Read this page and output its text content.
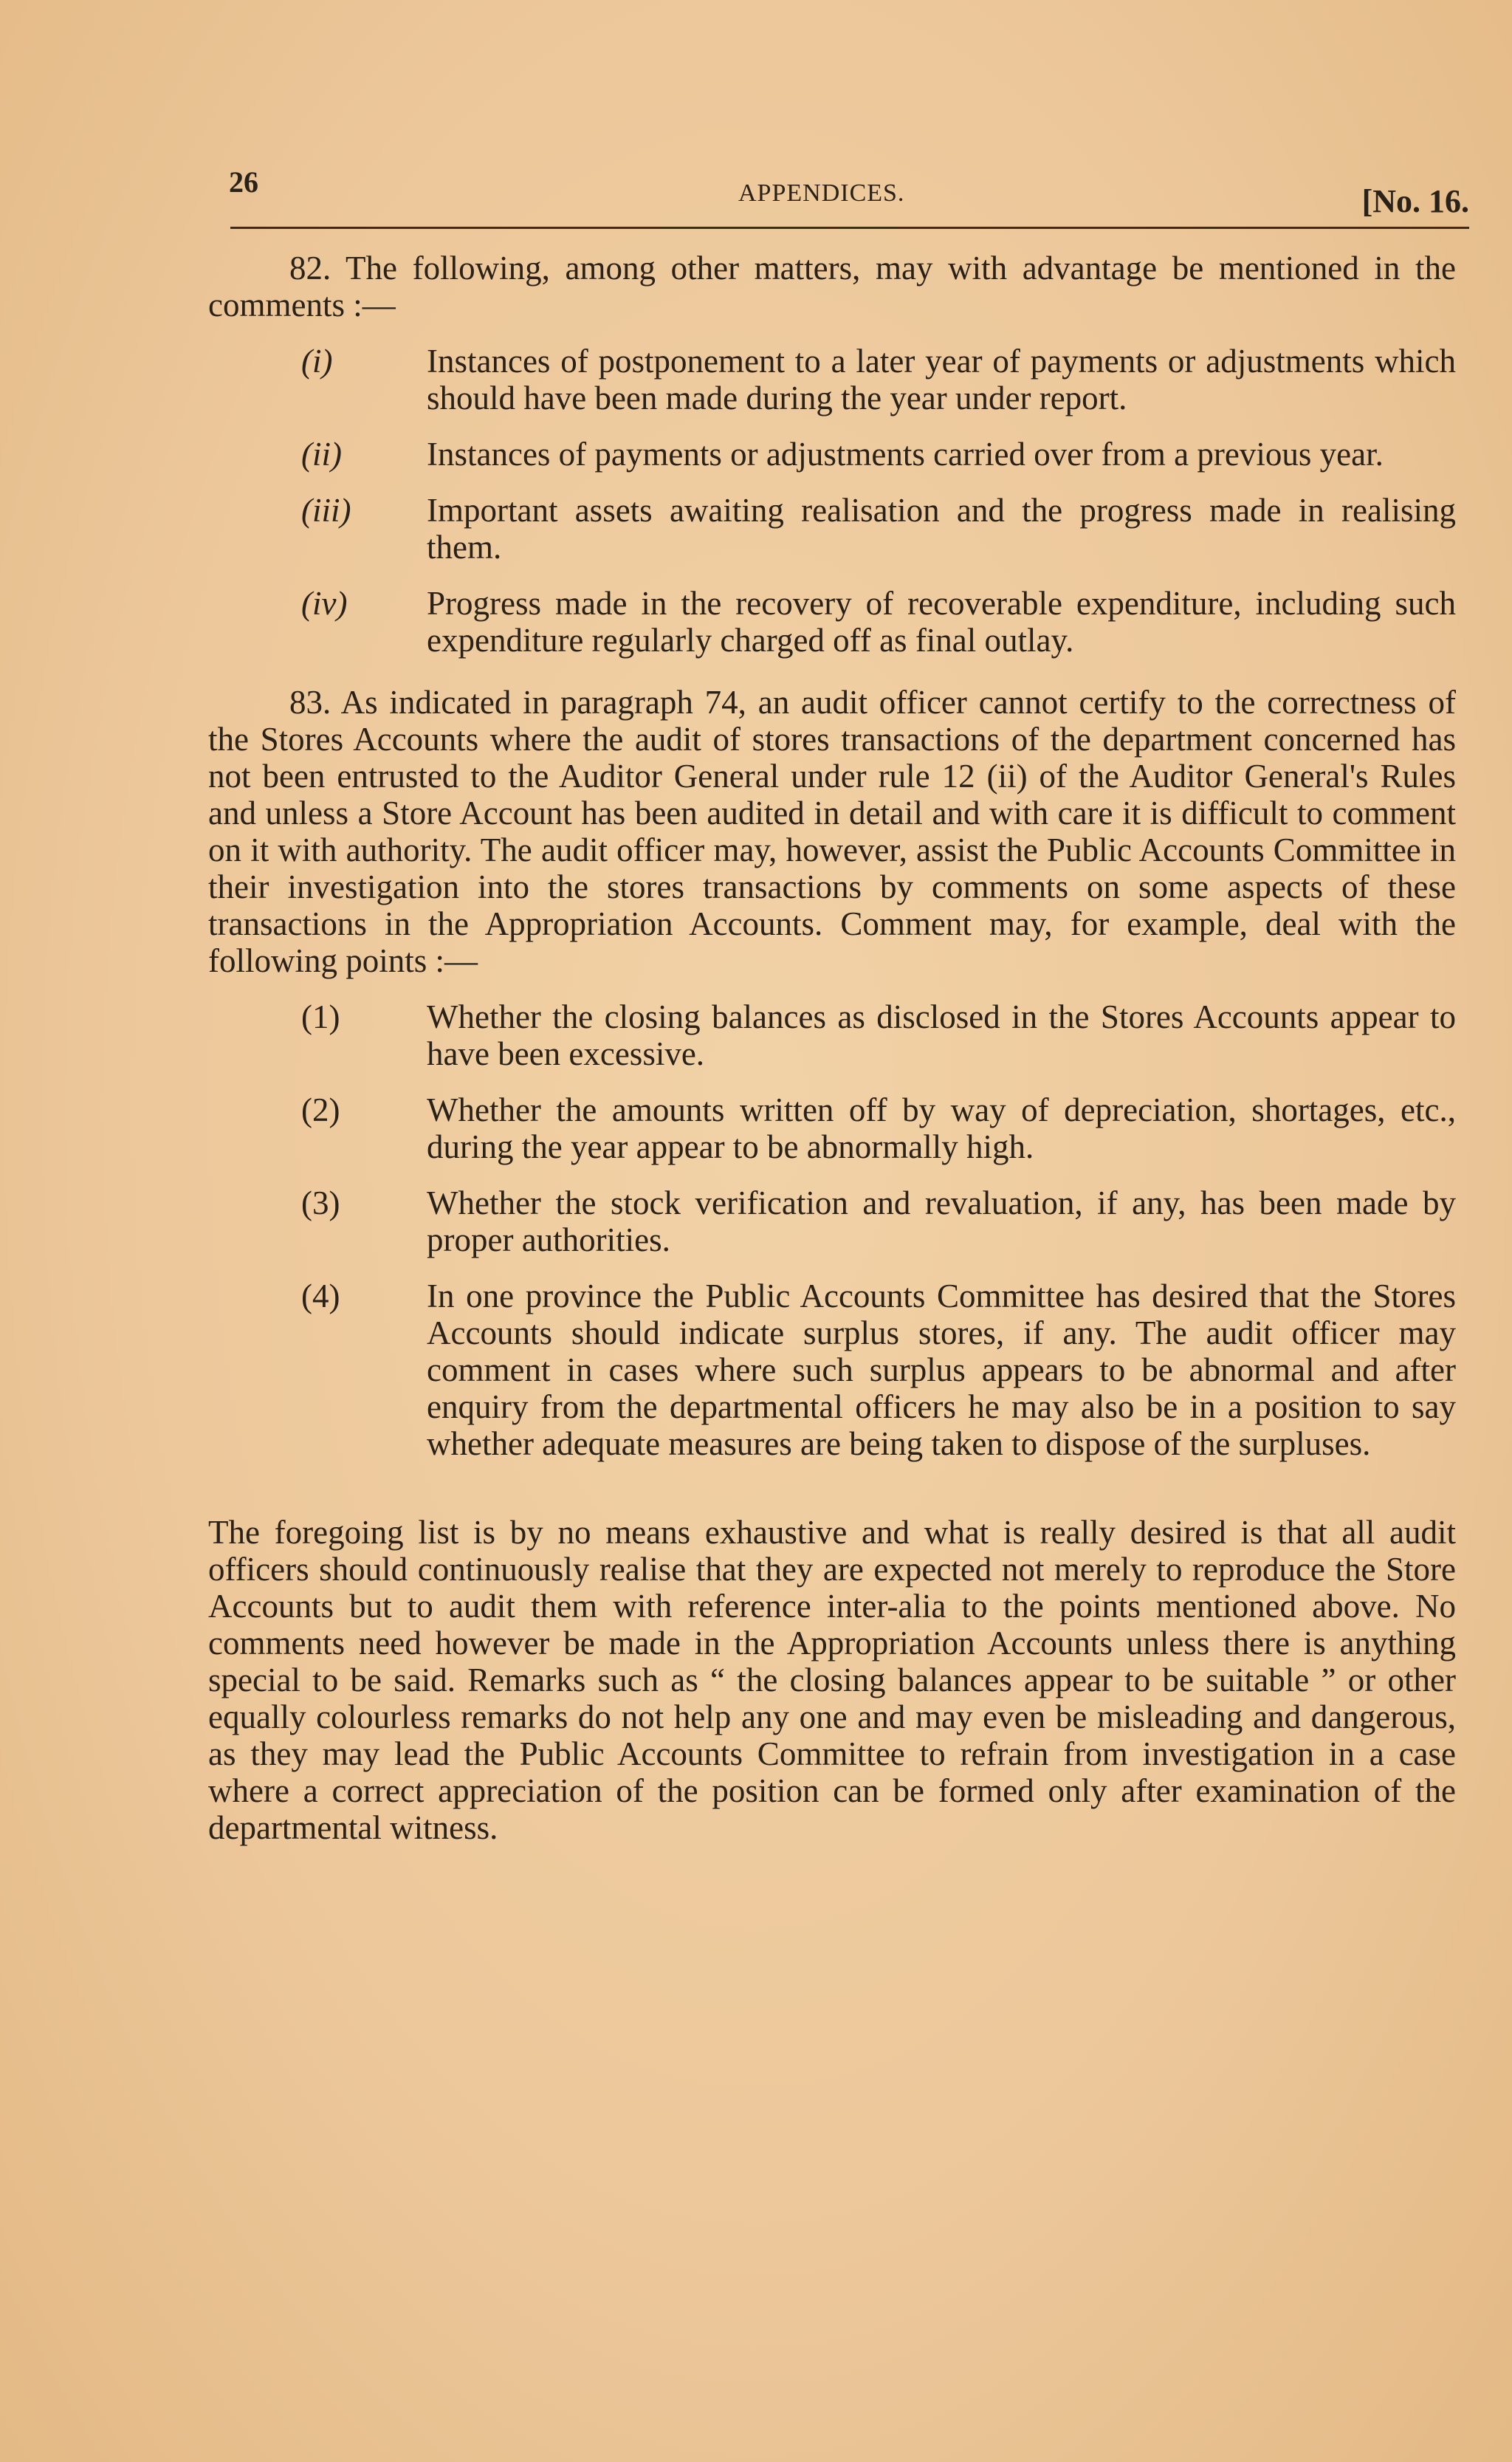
26	APPENDICES.	[No. 16.

82. The following, among other matters, may with advantage be mentioned in the comments :—

(i)	Instances of postponement to a later year of payments or adjustments which should have been made during the year under report.
(ii)	Instances of payments or adjustments carried over from a previous year.
(iii) Important assets awaiting realisation and the progress made in realising them.
(iv) Progress made in the recovery of recoverable expenditure, including such expenditure regularly charged off as final outlay.

83. As indicated in paragraph 74, an audit officer cannot certify to the correctness of the Stores Accounts where the audit of stores transactions of the department concerned has not been entrusted to the Auditor General under rule 12 (ii) of the Auditor General's Rules and unless a Store Account has been audited in detail and with care it is difficult to comment on it with authority. The audit officer may, however, assist the Public Accounts Committee in their investigation into the stores transactions by comments on some aspects of these transactions in the Appropriation Accounts. Comment may, for example, deal with the following points :—

(1)	Whether the closing balances as disclosed in the Stores Accounts appear to have been excessive.
(2)	Whether the amounts written off by way of depreciation, shortages, etc., during the year appear to be abnormally high.
(3)	Whether the stock verification and revaluation, if any, has been made by proper authorities.
(4)	In one province the Public Accounts Committee has desired that the Stores Accounts should indicate surplus stores, if any. The audit officer may comment in cases where such surplus appears to be abnormal and after enquiry from the departmental officers he may also be in a position to say whether adequate measures are being taken to dispose of the surpluses.

The foregoing list is by no means exhaustive and what is really desired is that all audit officers should continuously realise that they are expected not merely to reproduce the Store Accounts but to audit them with reference inter-alia to the points mentioned above. No comments need however be made in the Appropriation Accounts unless there is anything special to be said. Remarks such as “ the closing balances appear to be suitable ” or other equally colourless remarks do not help any one and may even be misleading and dangerous, as they may lead the Public Accounts Committee to refrain from investigation in a case where a correct appreciation of the position can be formed only after examination of the departmental witness.
